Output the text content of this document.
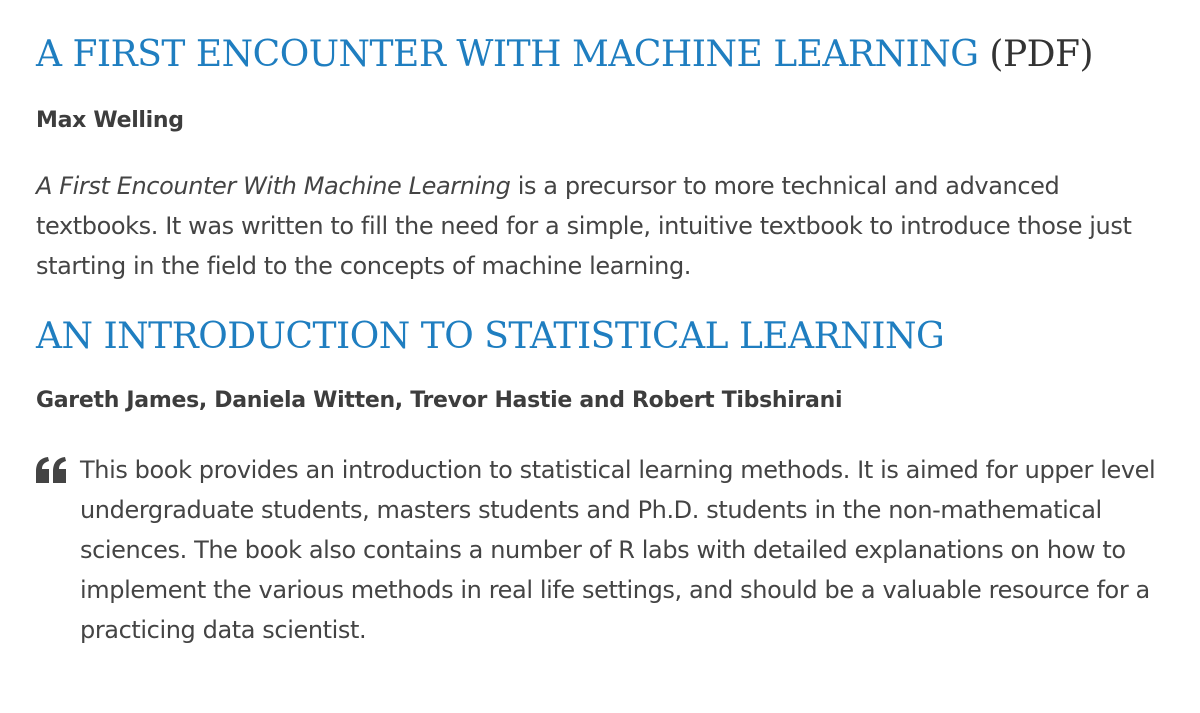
A FIRST ENCOUNTER WITH MACHINE LEARNING (PDF)

Max Welling

A First Encounter With Machine Learning is a precursor to more technical and advanced textbooks. It was written to fill the need for a simple, intuitive textbook to introduce those just starting in the field to the concepts of machine learning.

AN INTRODUCTION TO STATISTICAL LEARNING

Gareth James, Daniela Witten, Trevor Hastie and Robert Tibshirani

This book provides an introduction to statistical learning methods. It is aimed for upper level undergraduate students, masters students and Ph.D. students in the non-mathematical sciences. The book also contains a number of R labs with detailed explanations on how to implement the various methods in real life settings, and should be a valuable resource for a practicing data scientist.
